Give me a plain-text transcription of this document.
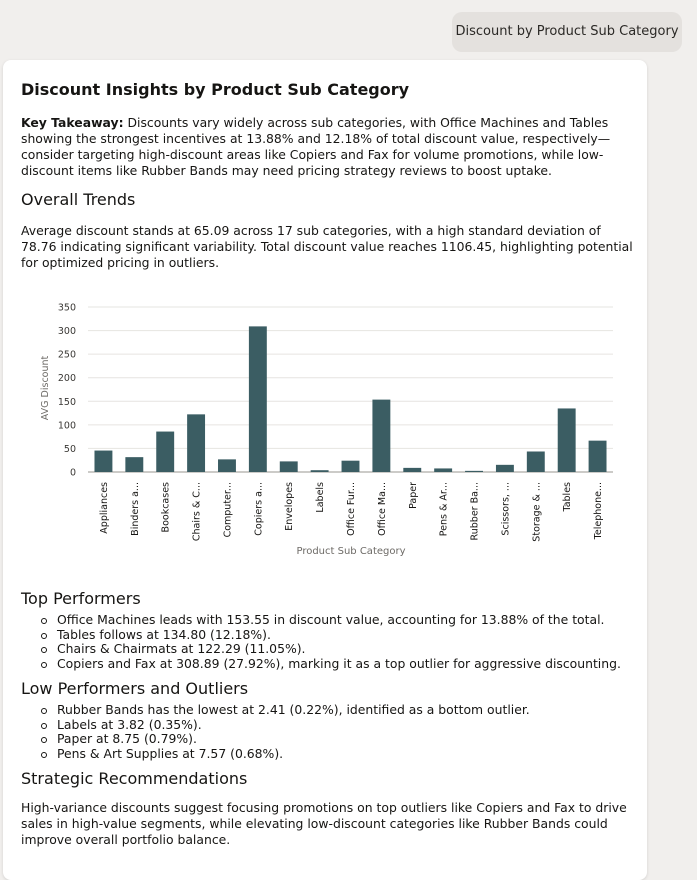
Discount by Product Sub Category
Discount Insights by Product Sub Category

Key Takeaway: Discounts vary widely across sub categories, with Office Machines and Tables showing the strongest incentives at 13.88% and 12.18% of total discount value, respectively—consider targeting high-discount areas like Copiers and Fax for volume promotions, while low-discount items like Rubber Bands may need pricing strategy reviews to boost uptake.

Overall Trends

Average discount stands at 65.09 across 17 sub categories, with a high standard deviation of 78.76 indicating significant variability. Total discount value reaches 1106.45, highlighting potential for optimized pricing in outliers.

0
50
100
150
200
250
300
350
Appliances Binders a... Bookcases Chairs & C... Computer... Copiers a... Envelopes Labels Office Fur... Office Ma... Paper Pens & Ar... Rubber Ba... Scissors, ... Storage & ... Tables Telephone...
Product Sub Category
AVG Discount
Top Performers
Office Machines leads with 153.55 in discount value, accounting for 13.88% of the total.
Tables follows at 134.80 (12.18%).
Chairs & Chairmats at 122.29 (11.05%).
Copiers and Fax at 308.89 (27.92%), marking it as a top outlier for aggressive discounting.
Low Performers and Outliers
Rubber Bands has the lowest at 2.41 (0.22%), identified as a bottom outlier.
Labels at 3.82 (0.35%).
Paper at 8.75 (0.79%).
Pens & Art Supplies at 7.57 (0.68%).
Strategic Recommendations

High-variance discounts suggest focusing promotions on top outliers like Copiers and Fax to drive sales in high-value segments, while elevating low-discount categories like Rubber Bands could improve overall portfolio balance.
